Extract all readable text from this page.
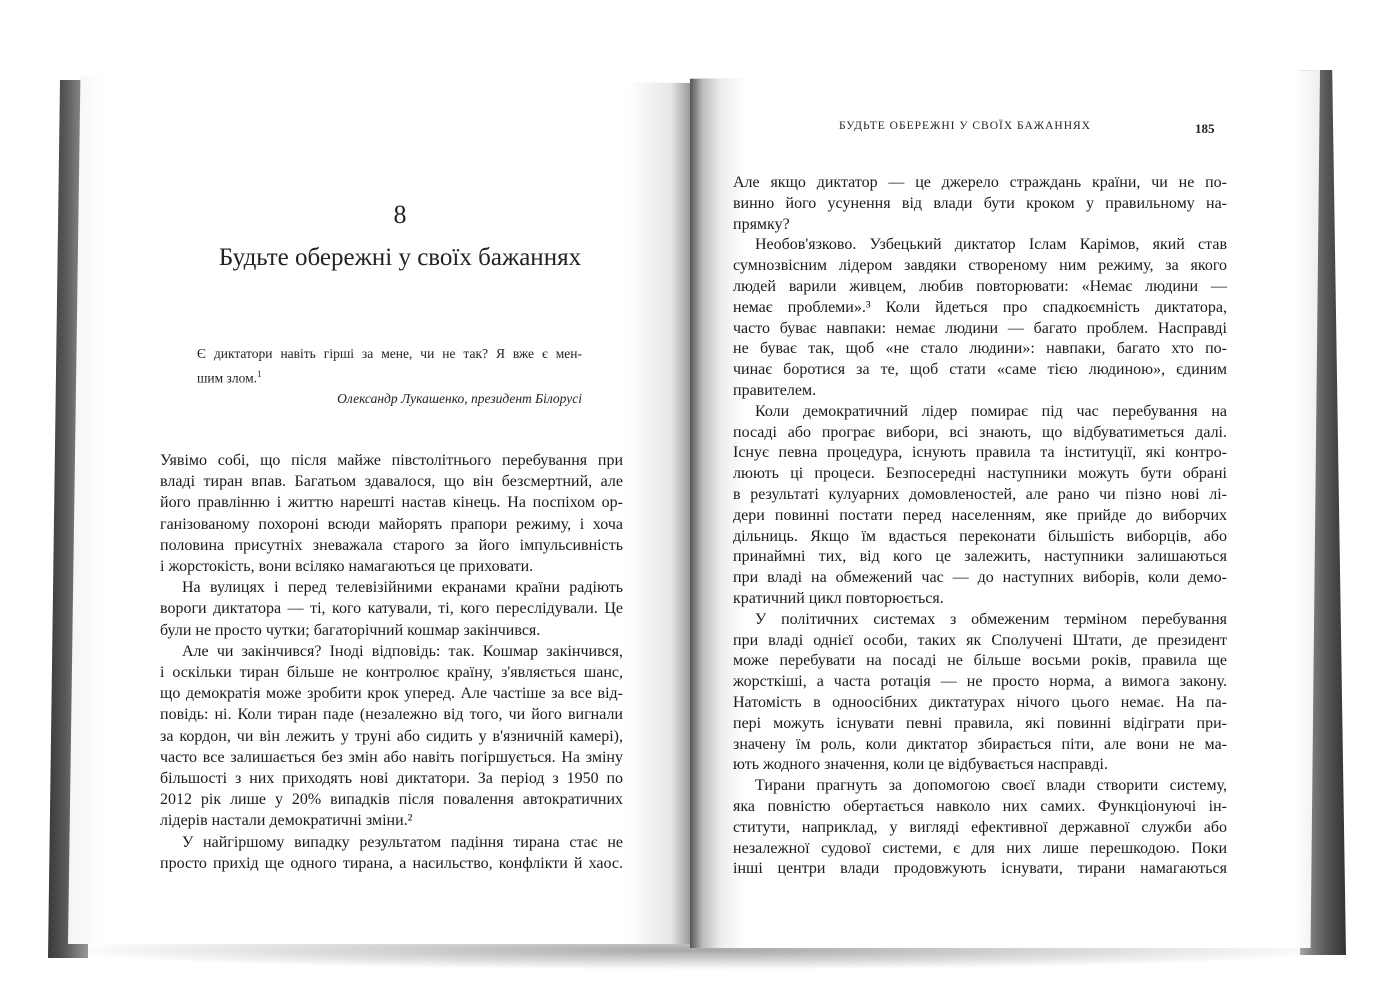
8
Будьте обережні у своїх бажаннях
Є диктатори навіть гірші за мене, чи не так? Я вже є мен-
шим злом.$^1$
Олександр Лукашенко, президент Білорусі
БУДЬТЕ ОБЕРЕЖНІ У СВОЇХ БАЖАННЯХ	185
Уявімо собі, що після майже півстолітнього перебування при
владі тиран впав. Багатьом здавалося, що він безсмертний, але
його правлінню і життю нарешті настав кінець. На поспіхом ор-
ганізованому похороні всюди майорять прапори режиму, і хоча
половина присутніх зневажала старого за його імпульсивність
і жорстокість, вони всіляко намагаються це приховати.
На вулицях і перед телевізійними екранами країни радіють
вороги диктатора — ті, кого катували, ті, кого переслідували. Це
були не просто чутки; багаторічний кошмар закінчився.
Але чи закінчився? Іноді відповідь: так. Кошмар закінчився,
і оскільки тиран більше не контролює країну, з'являється шанс,
що демократія може зробити крок уперед. Але частіше за все від-
повідь: ні. Коли тиран паде (незалежно від того, чи його вигнали
за кордон, чи він лежить у труні або сидить у в'язничній камері),
часто все залишається без змін або навіть погіршується. На зміну
більшості з них приходять нові диктатори. За період з 1950 по
2012 рік лише у 20% випадків після повалення автократичних
лідерів настали демократичні зміни.²
У найгіршому випадку результатом падіння тирана стає не
просто прихід ще одного тирана, а насильство, конфлікти й хаос.
Але якщо диктатор — це джерело страждань країни, чи не по-
винно його усунення від влади бути кроком у правильному на-
прямку?
Необов'язково. Узбецький диктатор Іслам Карімов, який став
сумнозвісним лідером завдяки створеному ним режиму, за якого
людей варили живцем, любив повторювати: «Немає людини —
немає проблеми».³ Коли йдеться про спадкоємність диктатора,
часто буває навпаки: немає людини — багато проблем. Насправді
не буває так, щоб «не стало людини»: навпаки, багато хто по-
чинає боротися за те, щоб стати «саме тією людиною», єдиним
правителем.
Коли демократичний лідер помирає під час перебування на
посаді або програє вибори, всі знають, що відбуватиметься далі.
Існує певна процедура, існують правила та інституції, які контро-
люють ці процеси. Безпосередні наступники можуть бути обрані
в результаті кулуарних домовленостей, але рано чи пізно нові лі-
дери повинні постати перед населенням, яке прийде до виборчих
дільниць. Якщо їм вдасться переконати більшість виборців, або
принаймні тих, від кого це залежить, наступники залишаються
при владі на обмежений час — до наступних виборів, коли демо-
кратичний цикл повторюється.
У політичних системах з обмеженим терміном перебування
при владі однієї особи, таких як Сполучені Штати, де президент
може перебувати на посаді не більше восьми років, правила ще
жорсткіші, а часта ротація — не просто норма, а вимога закону.
Натомість в одноосібних диктатурах нічого цього немає. На па-
пері можуть існувати певні правила, які повинні відіграти при-
значену їм роль, коли диктатор збирається піти, але вони не ма-
ють жодного значення, коли це відбувається насправді.
Тирани прагнуть за допомогою своєї влади створити систему,
яка повністю обертається навколо них самих. Функціонуючі ін-
ститути, наприклад, у вигляді ефективної державної служби або
незалежної судової системи, є для них лише перешкодою. Поки
інші центри влади продовжують існувати, тирани намагаються
